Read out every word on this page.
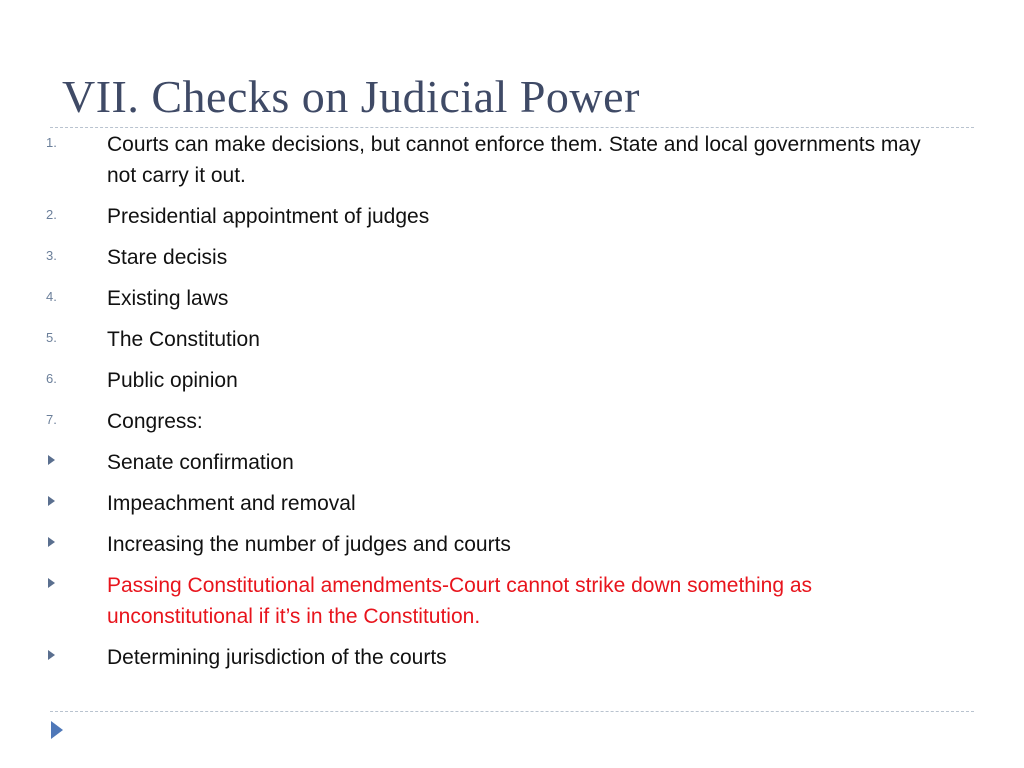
VII. Checks on Judicial Power
1. Courts can make decisions, but cannot enforce them. State and local governments may not carry it out.
2. Presidential appointment of judges
3. Stare decisis
4. Existing laws
5. The Constitution
6. Public opinion
7. Congress:
Senate confirmation
Impeachment and removal
Increasing the number of judges and courts
Passing Constitutional amendments-Court cannot strike down something as unconstitutional if it’s in the Constitution.
Determining jurisdiction of the courts
